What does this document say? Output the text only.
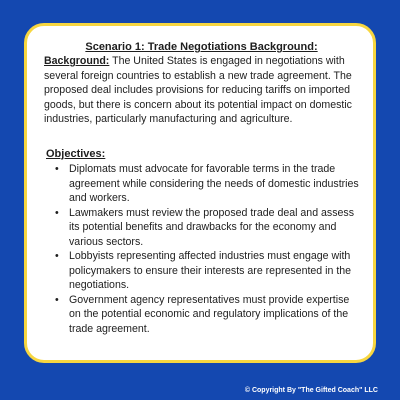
Scenario 1: Trade Negotiations Background:

Background: The United States is engaged in negotiations with several foreign countries to establish a new trade agreement. The proposed deal includes provisions for reducing tariffs on imported goods, but there is concern about its potential impact on domestic industries, particularly manufacturing and agriculture.

Objectives:
• Diplomats must advocate for favorable terms in the trade agreement while considering the needs of domestic industries and workers.
• Lawmakers must review the proposed trade deal and assess its potential benefits and drawbacks for the economy and various sectors.
• Lobbyists representing affected industries must engage with policymakers to ensure their interests are represented in the negotiations.
• Government agency representatives must provide expertise on the potential economic and regulatory implications of the trade agreement.
© Copyright By "The Gifted Coach" LLC
